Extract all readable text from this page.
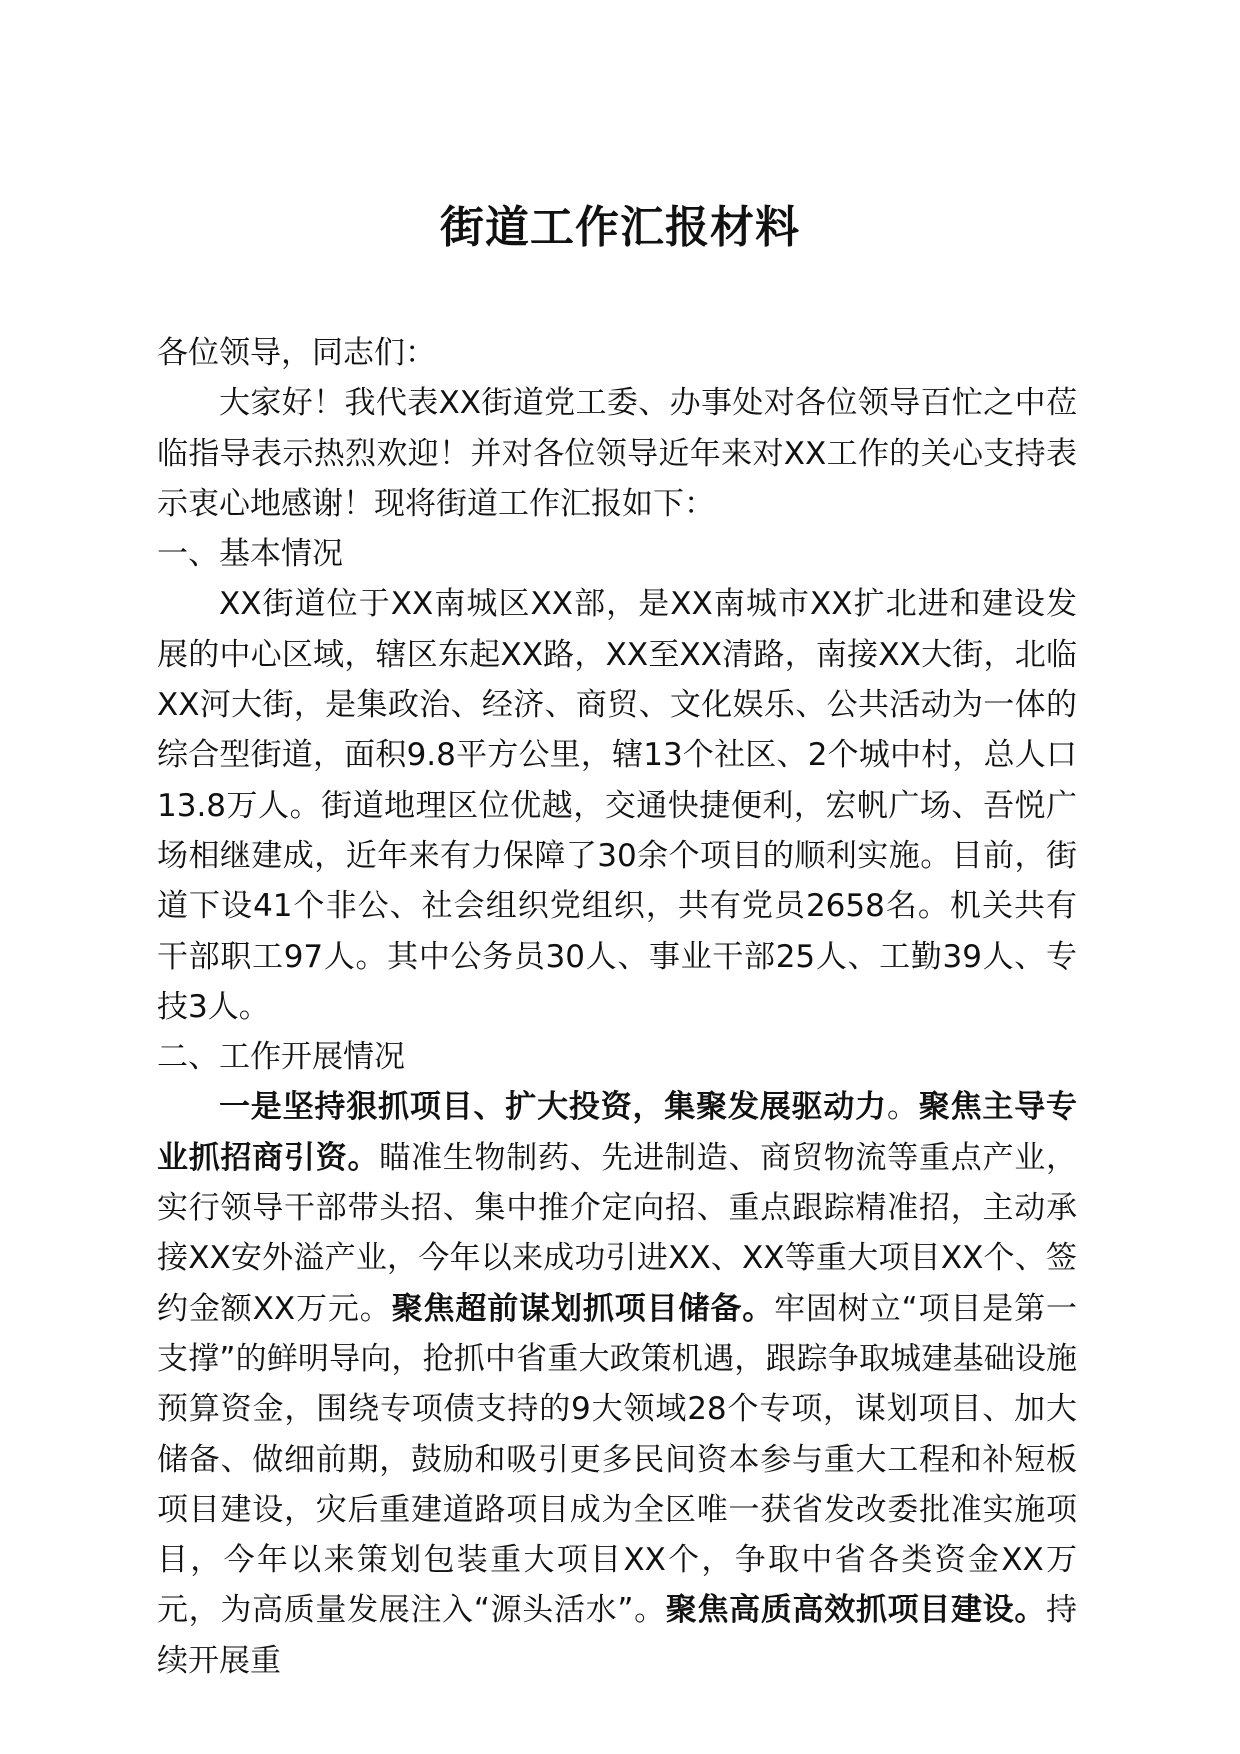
街道工作汇报材料

各位领导，同志们：

大家好！我代表XX街道党工委、办事处对各位领导百忙之中莅临指导表示热烈欢迎！并对各位领导近年来对XX工作的关心支持表示衷心地感谢！现将街道工作汇报如下：

一、基本情况

XX街道位于XX南城区XX部，是XX南城市XX扩北进和建设发展的中心区域，辖区东起XX路，XX至XX清路，南接XX大街，北临XX河大街，是集政治、经济、商贸、文化娱乐、公共活动为一体的综合型街道，面积9.8平方公里，辖13个社区、2个城中村，总人口13.8万人。街道地理区位优越，交通快捷便利，宏帆广场、吾悦广场相继建成，近年来有力保障了30余个项目的顺利实施。目前，街道下设41个非公、社会组织党组织，共有党员2658名。机关共有干部职工97人。其中公务员30人、事业干部25人、工勤39人、专技3人。

二、工作开展情况

一是坚持狠抓项目、扩大投资，集聚发展驱动力。聚焦主导专业抓招商引资。瞄准生物制药、先进制造、商贸物流等重点产业，实行领导干部带头招、集中推介定向招、重点跟踪精准招，主动承接XX安外溢产业，今年以来成功引进XX、XX等重大项目XX个、签约金额XX万元。聚焦超前谋划抓项目储备。牢固树立“项目是第一支撑”的鲜明导向，抢抓中省重大政策机遇，跟踪争取城建基础设施预算资金，围绕专项债支持的9大领域28个专项，谋划项目、加大储备、做细前期，鼓励和吸引更多民间资本参与重大工程和补短板项目建设，灾后重建道路项目成为全区唯一获省发改委批准实施项目，今年以来策划包装重大项目XX个，争取中省各类资金XX万元，为高质量发展注入“源头活水”。聚焦高质高效抓项目建设。持续开展重
